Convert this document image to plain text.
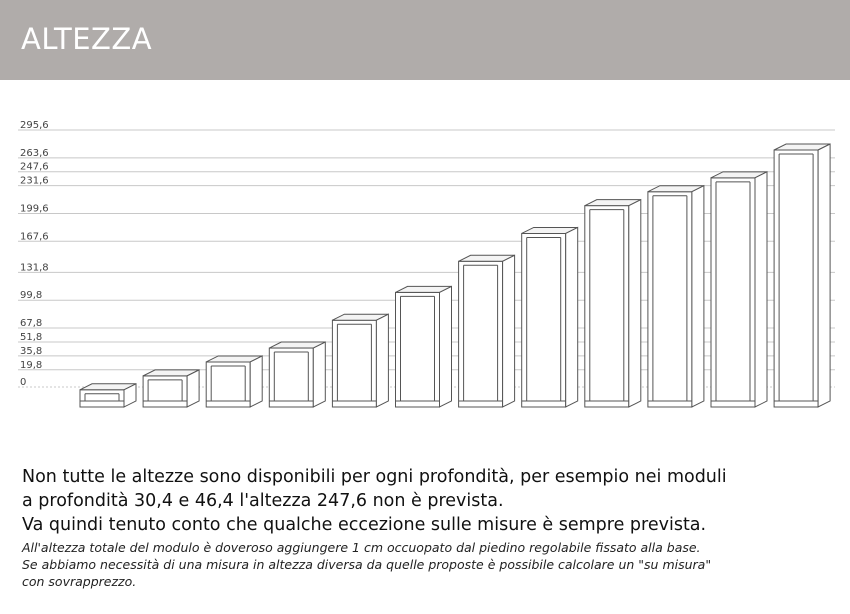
ALTEZZA
295,6
263,6
247,6
231,6
199,6
167,6
131,8
99,8
67,8
51,8
35,8
19,8
0
Non tutte le altezze sono disponibili per ogni profondità, per esempio nei moduli
a profondità 30,4 e 46,4 l'altezza 247,6 non è prevista.
Va quindi tenuto conto che qualche eccezione sulle misure è sempre prevista.
All'altezza totale del modulo è doveroso aggiungere 1 cm occuopato dal piedino regolabile fissato alla base.
Se abbiamo necessità di una misura in altezza diversa da quelle proposte è possibile calcolare un "su misura"
con sovrapprezzo.
